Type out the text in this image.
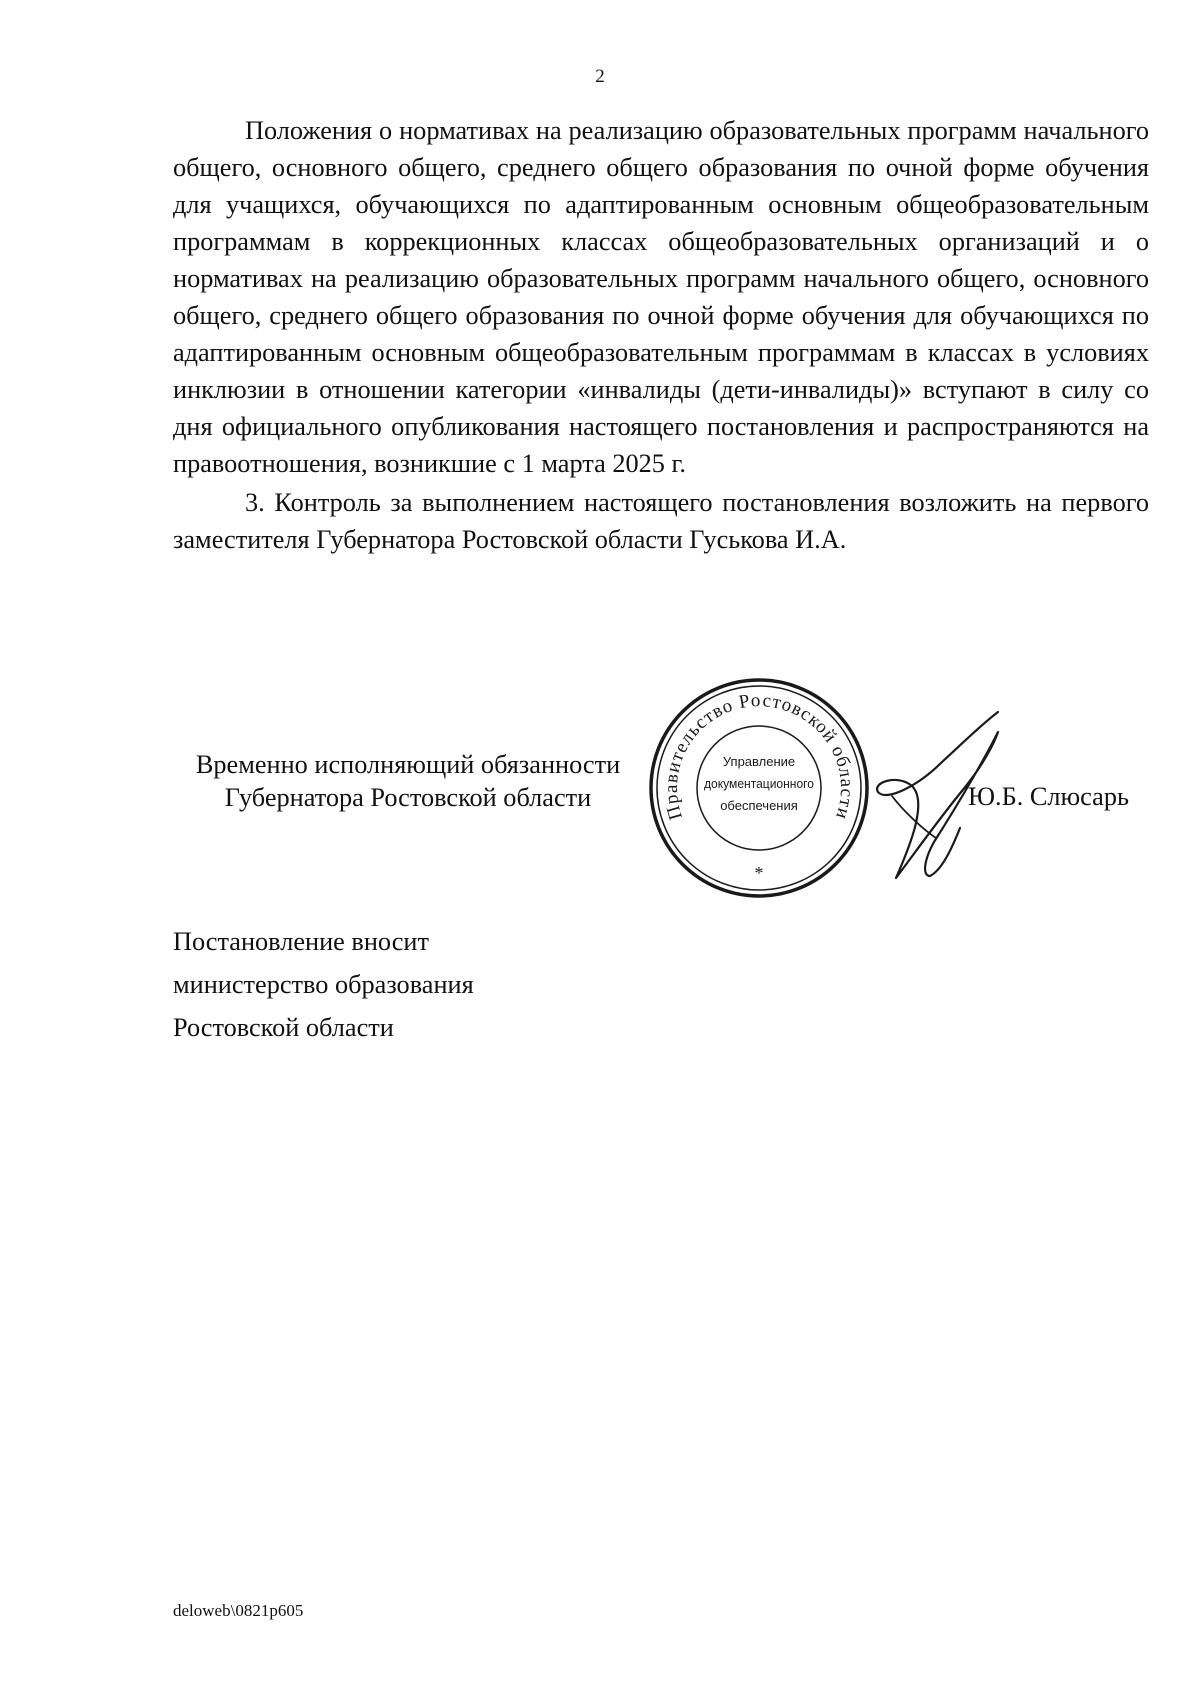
2

Положения о нормативах на реализацию образовательных программ начального общего, основного общего, среднего общего образования по очной форме обучения для учащихся, обучающихся по адаптированным основным общеобразовательным программам в коррекционных классах общеобразовательных организаций и о нормативах на реализацию образовательных программ начального общего, основного общего, среднего общего образования по очной форме обучения для обучающихся по адаптированным основным общеобразовательным программам в классах в условиях инклюзии в отношении категории «инвалиды (дети-инвалиды)» вступают в силу со дня официального опубликования настоящего постановления и распространяются на правоотношения, возникшие с 1 марта 2025 г.

3. Контроль за выполнением настоящего постановления возложить на первого заместителя Губернатора Ростовской области Гуськова И.А.

Временно исполняющий обязанности
Губернатора Ростовской области
Правительство Ростовской области
Управление
документационного
обеспечения
*
Ю.Б. Слюсарь
Постановление вносит
министерство образования
Ростовской области
deloweb\0821p605
